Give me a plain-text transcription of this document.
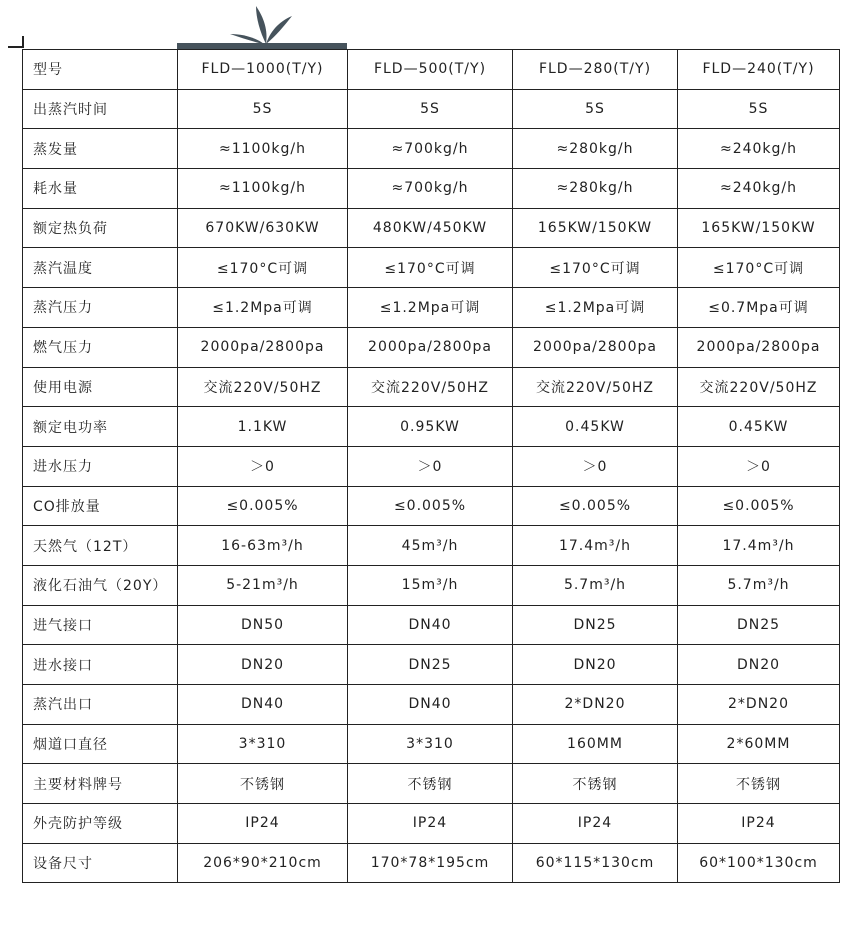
型号	FLD—1000(T/Y)	FLD—500(T/Y)	FLD—280(T/Y)	FLD—240(T/Y)
出蒸汽时间	5S	5S	5S	5S
蒸发量	≈1100kg/h	≈700kg/h	≈280kg/h	≈240kg/h
耗水量	≈1100kg/h	≈700kg/h	≈280kg/h	≈240kg/h
额定热负荷	670KW/630KW	480KW/450KW	165KW/150KW	165KW/150KW
蒸汽温度	≤170°C可调	≤170°C可调	≤170°C可调	≤170°C可调
蒸汽压力	≤1.2Mpa可调	≤1.2Mpa可调	≤1.2Mpa可调	≤0.7Mpa可调
燃气压力	2000pa/2800pa	2000pa/2800pa	2000pa/2800pa	2000pa/2800pa
使用电源	交流220V/50HZ	交流220V/50HZ	交流220V/50HZ	交流220V/50HZ
额定电功率	1.1KW	0.95KW	0.45KW	0.45KW
进水压力	＞0	＞0	＞0	＞0
CO排放量	≤0.005%	≤0.005%	≤0.005%	≤0.005%
天然气（12T）	16-63m³/h	45m³/h	17.4m³/h	17.4m³/h
液化石油气（20Y）	5-21m³/h	15m³/h	5.7m³/h	5.7m³/h
进气接口	DN50	DN40	DN25	DN25
进水接口	DN20	DN25	DN20	DN20
蒸汽出口	DN40	DN40	2*DN20	2*DN20
烟道口直径	3*310	3*310	160MM	2*60MM
主要材料牌号	不锈钢	不锈钢	不锈钢	不锈钢
外壳防护等级	IP24	IP24	IP24	IP24
设备尺寸	206*90*210cm	170*78*195cm	60*115*130cm	60*100*130cm
